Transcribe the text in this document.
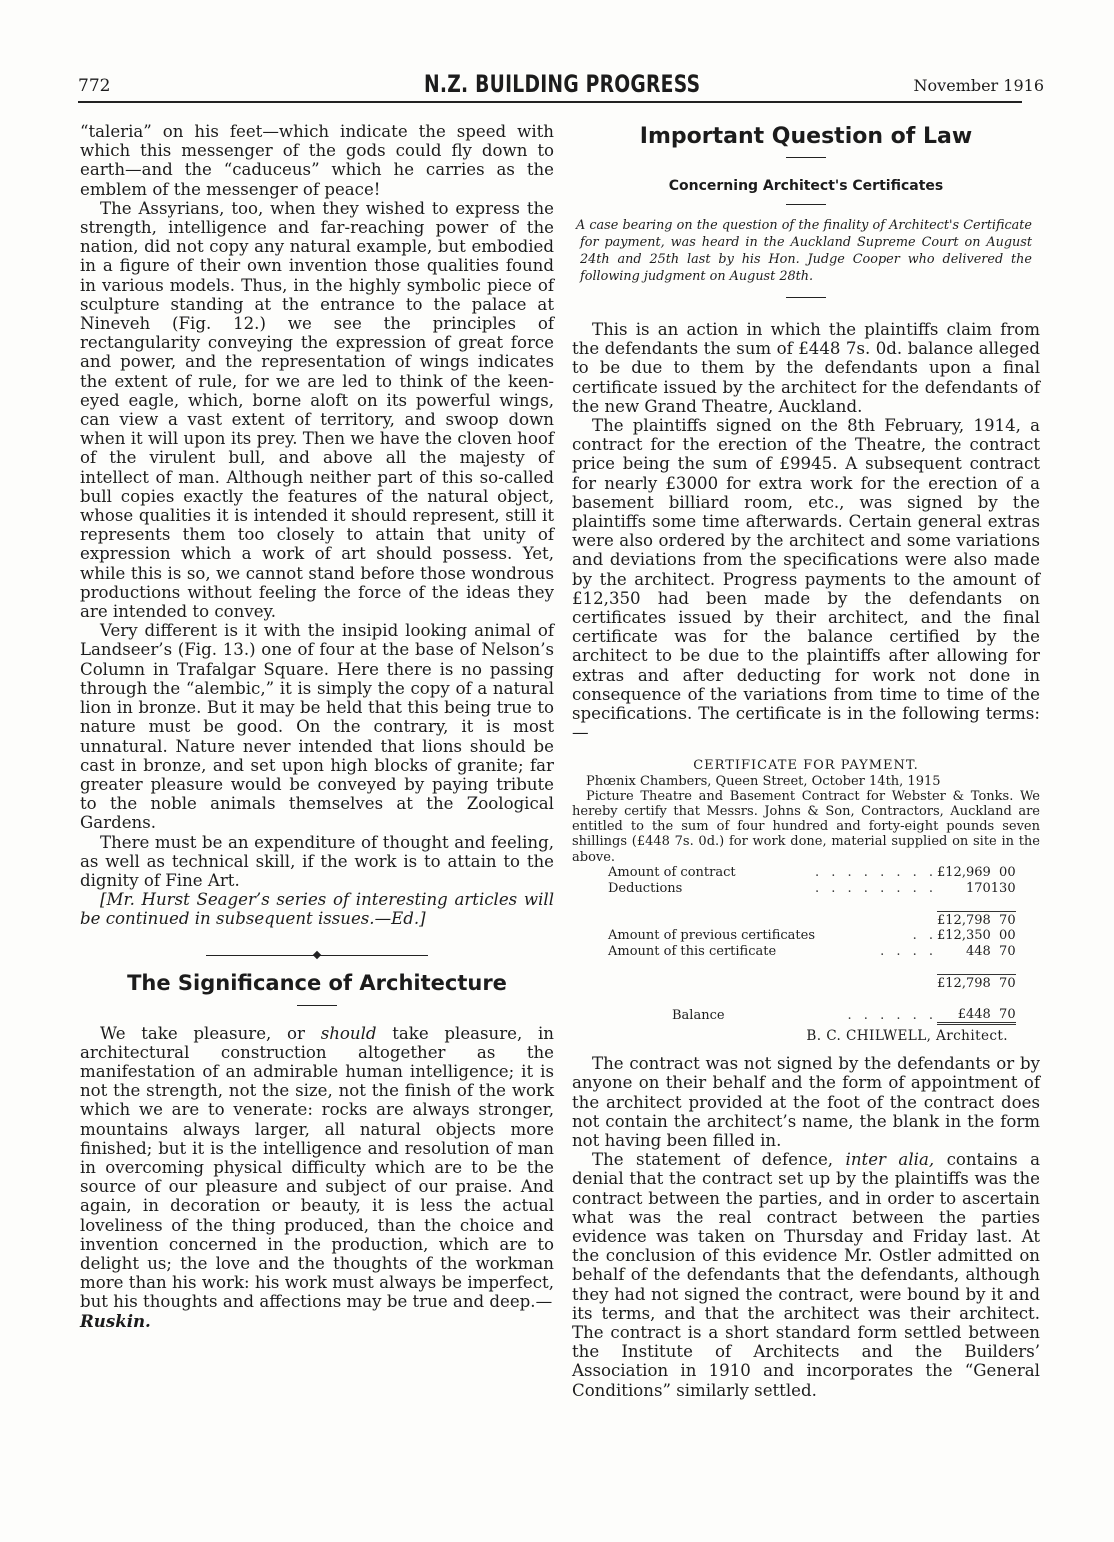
772	N.Z. BUILDING PROGRESS	November 1916

“taleria” on his feet—which indicate the speed with which this messenger of the gods could fly down to earth—and the “caduceus” which he carries as the emblem of the messenger of peace!

The Assyrians, too, when they wished to express the strength, intelligence and far-reaching power of the nation, did not copy any natural example, but embodied in a figure of their own invention those qualities found in various models. Thus, in the highly symbolic piece of sculpture standing at the entrance to the palace at Nineveh (Fig. 12.) we see the principles of rectangularity conveying the expression of great force and power, and the representation of wings indicates the extent of rule, for we are led to think of the keen-eyed eagle, which, borne aloft on its powerful wings, can view a vast extent of territory, and swoop down when it will upon its prey. Then we have the cloven hoof of the virulent bull, and above all the majesty of intellect of man. Although neither part of this so-called bull copies exactly the features of the natural object, whose qualities it is intended it should represent, still it represents them too closely to attain that unity of expression which a work of art should possess. Yet, while this is so, we cannot stand before those wondrous productions without feeling the force of the ideas they are intended to convey.

Very different is it with the insipid looking animal of Landseer’s (Fig. 13.) one of four at the base of Nelson’s Column in Trafalgar Square. Here there is no passing through the “alembic,” it is simply the copy of a natural lion in bronze. But it may be held that this being true to nature must be good. On the contrary, it is most unnatural. Nature never intended that lions should be cast in bronze, and set upon high blocks of granite; far greater pleasure would be conveyed by paying tribute to the noble animals themselves at the Zoological Gardens.

There must be an expenditure of thought and feeling, as well as technical skill, if the work is to attain to the dignity of Fine Art.

[Mr. Hurst Seager’s series of interesting articles will be continued in subsequent issues.—Ed.]

The Significance of Architecture

We take pleasure, or should take pleasure, in architectural construction altogether as the manifestation of an admirable human intelligence; it is not the strength, not the size, not the finish of the work which we are to venerate: rocks are always stronger, mountains always larger, all natural objects more finished; but it is the intelligence and resolution of man in overcoming physical difficulty which are to be the source of our pleasure and subject of our praise. And again, in decoration or beauty, it is less the actual loveliness of the thing produced, than the choice and invention concerned in the production, which are to delight us; the love and the thoughts of the workman more than his work: his work must always be imperfect, but his thoughts and affections may be true and deep.—
Ruskin.

Important Question of Law
Concerning Architect's Certificates

A case bearing on the question of the finality of Architect's Certificate for payment, was heard in the Auckland Supreme Court on August 24th and 25th last by his Hon. Judge Cooper who delivered the following judgment on August 28th.

This is an action in which the plaintiffs claim from the defendants the sum of £448 7s. 0d. balance alleged to be due to them by the defendants upon a final certificate issued by the architect for the defendants of the new Grand Theatre, Auckland.

The plaintiffs signed on the 8th February, 1914, a contract for the erection of the Theatre, the contract price being the sum of £9945. A subsequent contract for nearly £3000 for extra work for the erection of a basement billiard room, etc., was signed by the plaintiffs some time afterwards. Certain general extras were also ordered by the architect and some variations and deviations from the specifications were also made by the architect. Progress payments to the amount of £12,350 had been made by the defendants on certificates issued by their architect, and the final certificate was for the balance certified by the architect to be due to the plaintiffs after allowing for extras and after deducting for work not done in consequence of the variations from time to time of the specifications. The certificate is in the following terms:—

CERTIFICATE FOR PAYMENT.

Phœnix Chambers, Queen Street, October 14th, 1915

Picture Theatre and Basement Contract for Webster & Tonks. We hereby certify that Messrs. Johns & Son, Contractors, Auckland are entitled to the sum of four hundred and forty-eight pounds seven shillings (£448 7s. 0d.) for work done, material supplied on site in the above.

Amount of contract	. . . . . . . .	£12,969	0	0
Deductions	. . . . . . . .	170	13	0

		£12,798	7	0
Amount of previous certificates	. .	£12,350	0	0
Amount of this certificate	. . . .	448	7	0

		£12,798	7	0

Balance	. . . . . .	£448	7	0
B. C. CHILWELL, Architect.

The contract was not signed by the defendants or by anyone on their behalf and the form of appointment of the architect provided at the foot of the contract does not contain the architect’s name, the blank in the form not having been filled in.

The statement of defence, inter alia, contains a denial that the contract set up by the plaintiffs was the contract between the parties, and in order to ascertain what was the real contract between the parties evidence was taken on Thursday and Friday last. At the conclusion of this evidence Mr. Ostler admitted on behalf of the defendants that the defendants, although they had not signed the contract, were bound by it and its terms, and that the architect was their architect. The contract is a short standard form settled between the Institute of Architects and the Builders’ Association in 1910 and incorporates the “General Conditions” similarly settled.
